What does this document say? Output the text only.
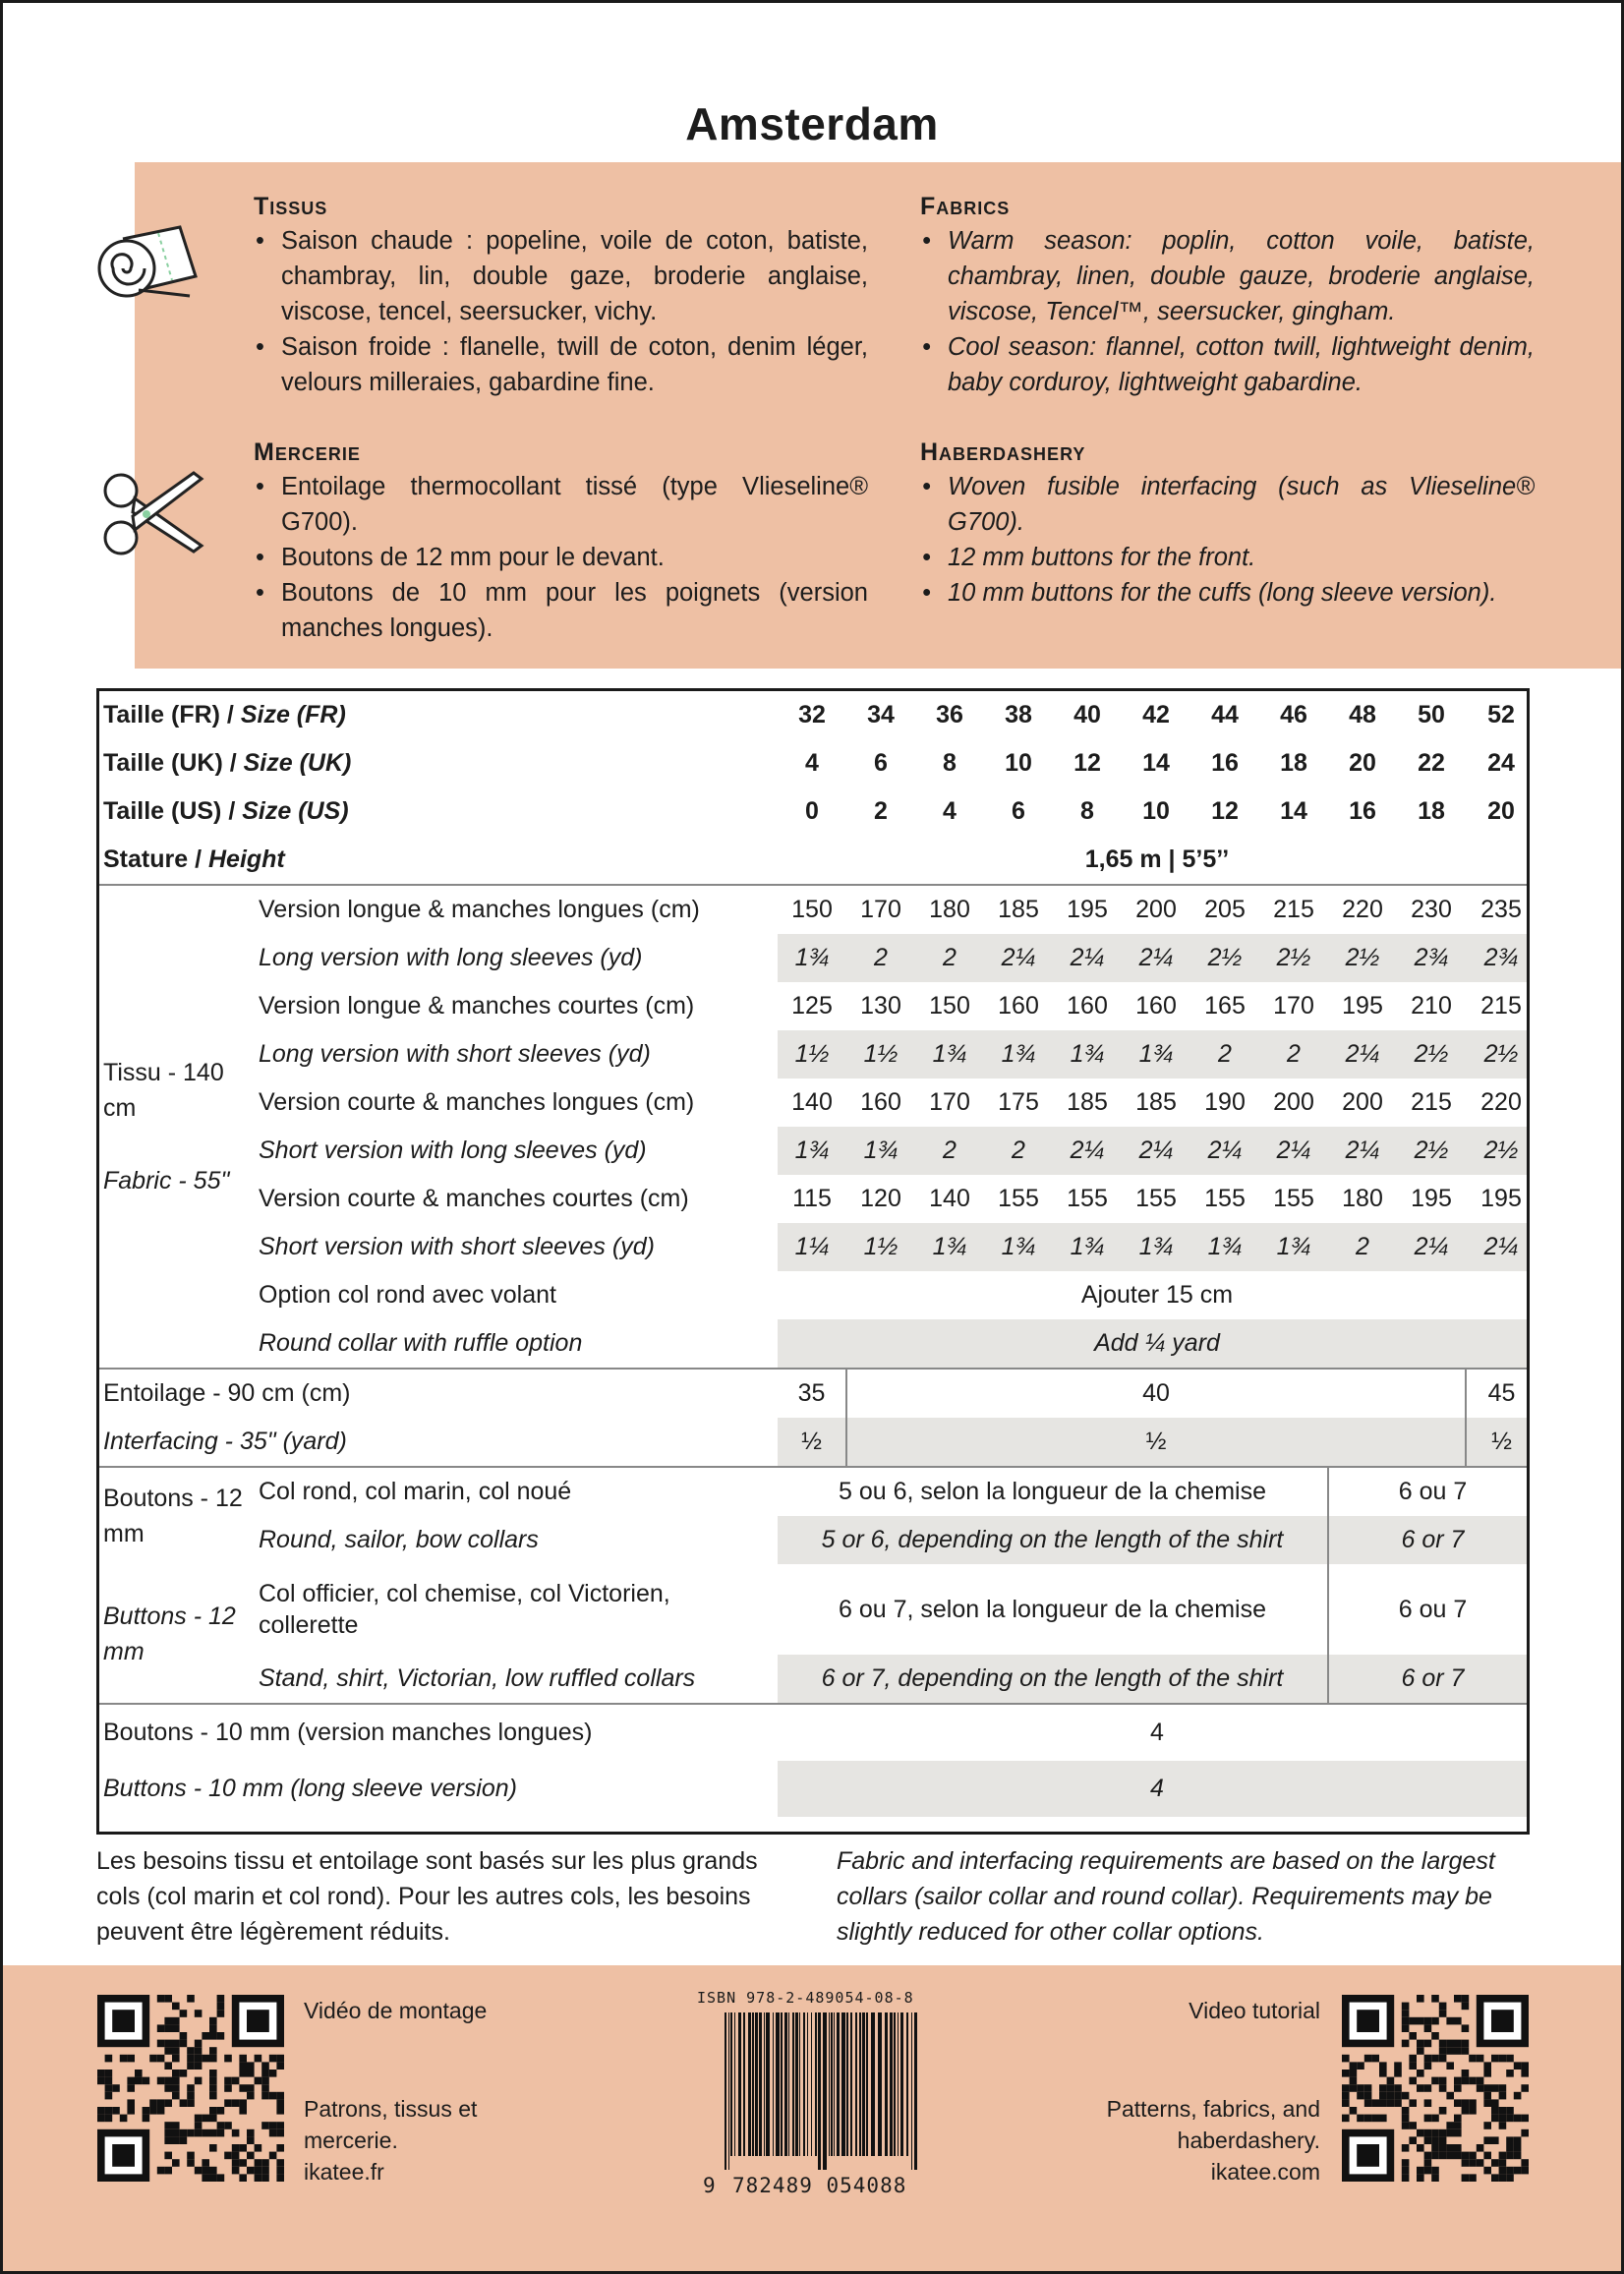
Amsterdam
Tissus
• Saison chaude : popeline, voile de coton, batiste, chambray, lin, double gaze, broderie anglaise, viscose, tencel, seersucker, vichy.
• Saison froide : flanelle, twill de coton, denim léger, velours milleraies, gabardine fine.
Mercerie
• Entoilage thermocollant tissé (type Vlieseline® G700).
• Boutons de 12 mm pour le devant.
• Boutons de 10 mm pour les poignets (version manches longues).
Fabrics
• Warm season: poplin, cotton voile, batiste, chambray, linen, double gauze, broderie anglaise, viscose, Tencel™, seersucker, gingham.
• Cool season: flannel, cotton twill, lightweight denim, baby corduroy, lightweight gabardine.
Haberdashery
• Woven fusible interfacing (such as Vlieseline® G700).
• 12 mm buttons for the front.
• 10 mm buttons for the cuffs (long sleeve version).
Taille (FR) / Size (FR)		32	34	36	38	40	42	44	46	48	50	52
Taille (UK) / Size (UK)		4	6	8	10	12	14	16	18	20	22	24
Taille (US) / Size (US)		0	2	4	6	8	10	12	14	16	18	20
Stature / Height		1,65 m | 5’5’’										

Tissu - 140 cm
Fabric - 55"	Version longue & manches longues (cm)	150	170	180	185	195	200	205	215	220	230	235
	Long version with long sleeves (yd)	1¾	2	2	2¼	2¼	2¼	2½	2½	2½	2¾	2¾
	Version longue & manches courtes (cm)	125	130	150	160	160	160	165	170	195	210	215
	Long version with short sleeves (yd)	1½	1½	1¾	1¾	1¾	1¾	2	2	2¼	2½	2½
	Version courte & manches longues (cm)	140	160	170	175	185	185	190	200	200	215	220
	Short version with long sleeves (yd)	1¾	1¾	2	2	2¼	2¼	2¼	2¼	2¼	2½	2½
	Version courte & manches courtes (cm)	115	120	140	155	155	155	155	155	180	195	195
	Short version with short sleeves (yd)	1¼	1½	1¾	1¾	1¾	1¾	1¾	1¾	2	2¼	2¼
	Option col rond avec volant	Ajouter 15 cm										
	Round collar with ruffle option	Add ¼ yard										
Entoilage - 90 cm (cm)		35	40									45
Interfacing - 35" (yard)		½	½									½
Boutons - 12 mm	Col rond, col marin, col noué	5 ou 6, selon la longueur de la chemise								6 ou 7		
	Round, sailor, bow collars	5 or 6, depending on the length of the shirt								6 or 7		
Buttons - 12 mm	Col officier, col chemise, col Victorien, collerette	6 ou 7, selon la longueur de la chemise								6 ou 7		
	Stand, shirt, Victorian, low ruffled collars	6 or 7, depending on the length of the shirt								6 or 7		
Boutons - 10 mm (version manches longues)		4										
Buttons - 10 mm (long sleeve version)		4										
Les besoins tissu et entoilage sont basés sur les plus grands cols (col marin et col rond). Pour les autres cols, les besoins peuvent être légèrement réduits.
Fabric and interfacing requirements are based on the largest collars (sailor collar and round collar). Requirements may be slightly reduced for other collar options.
Vidéo de montage
Patrons, tissus et
mercerie.
ikatee.fr
ISBN 978-2-489054-08-8
9 782489 054088
Video tutorial
Patterns, fabrics, and
haberdashery.
ikatee.com
